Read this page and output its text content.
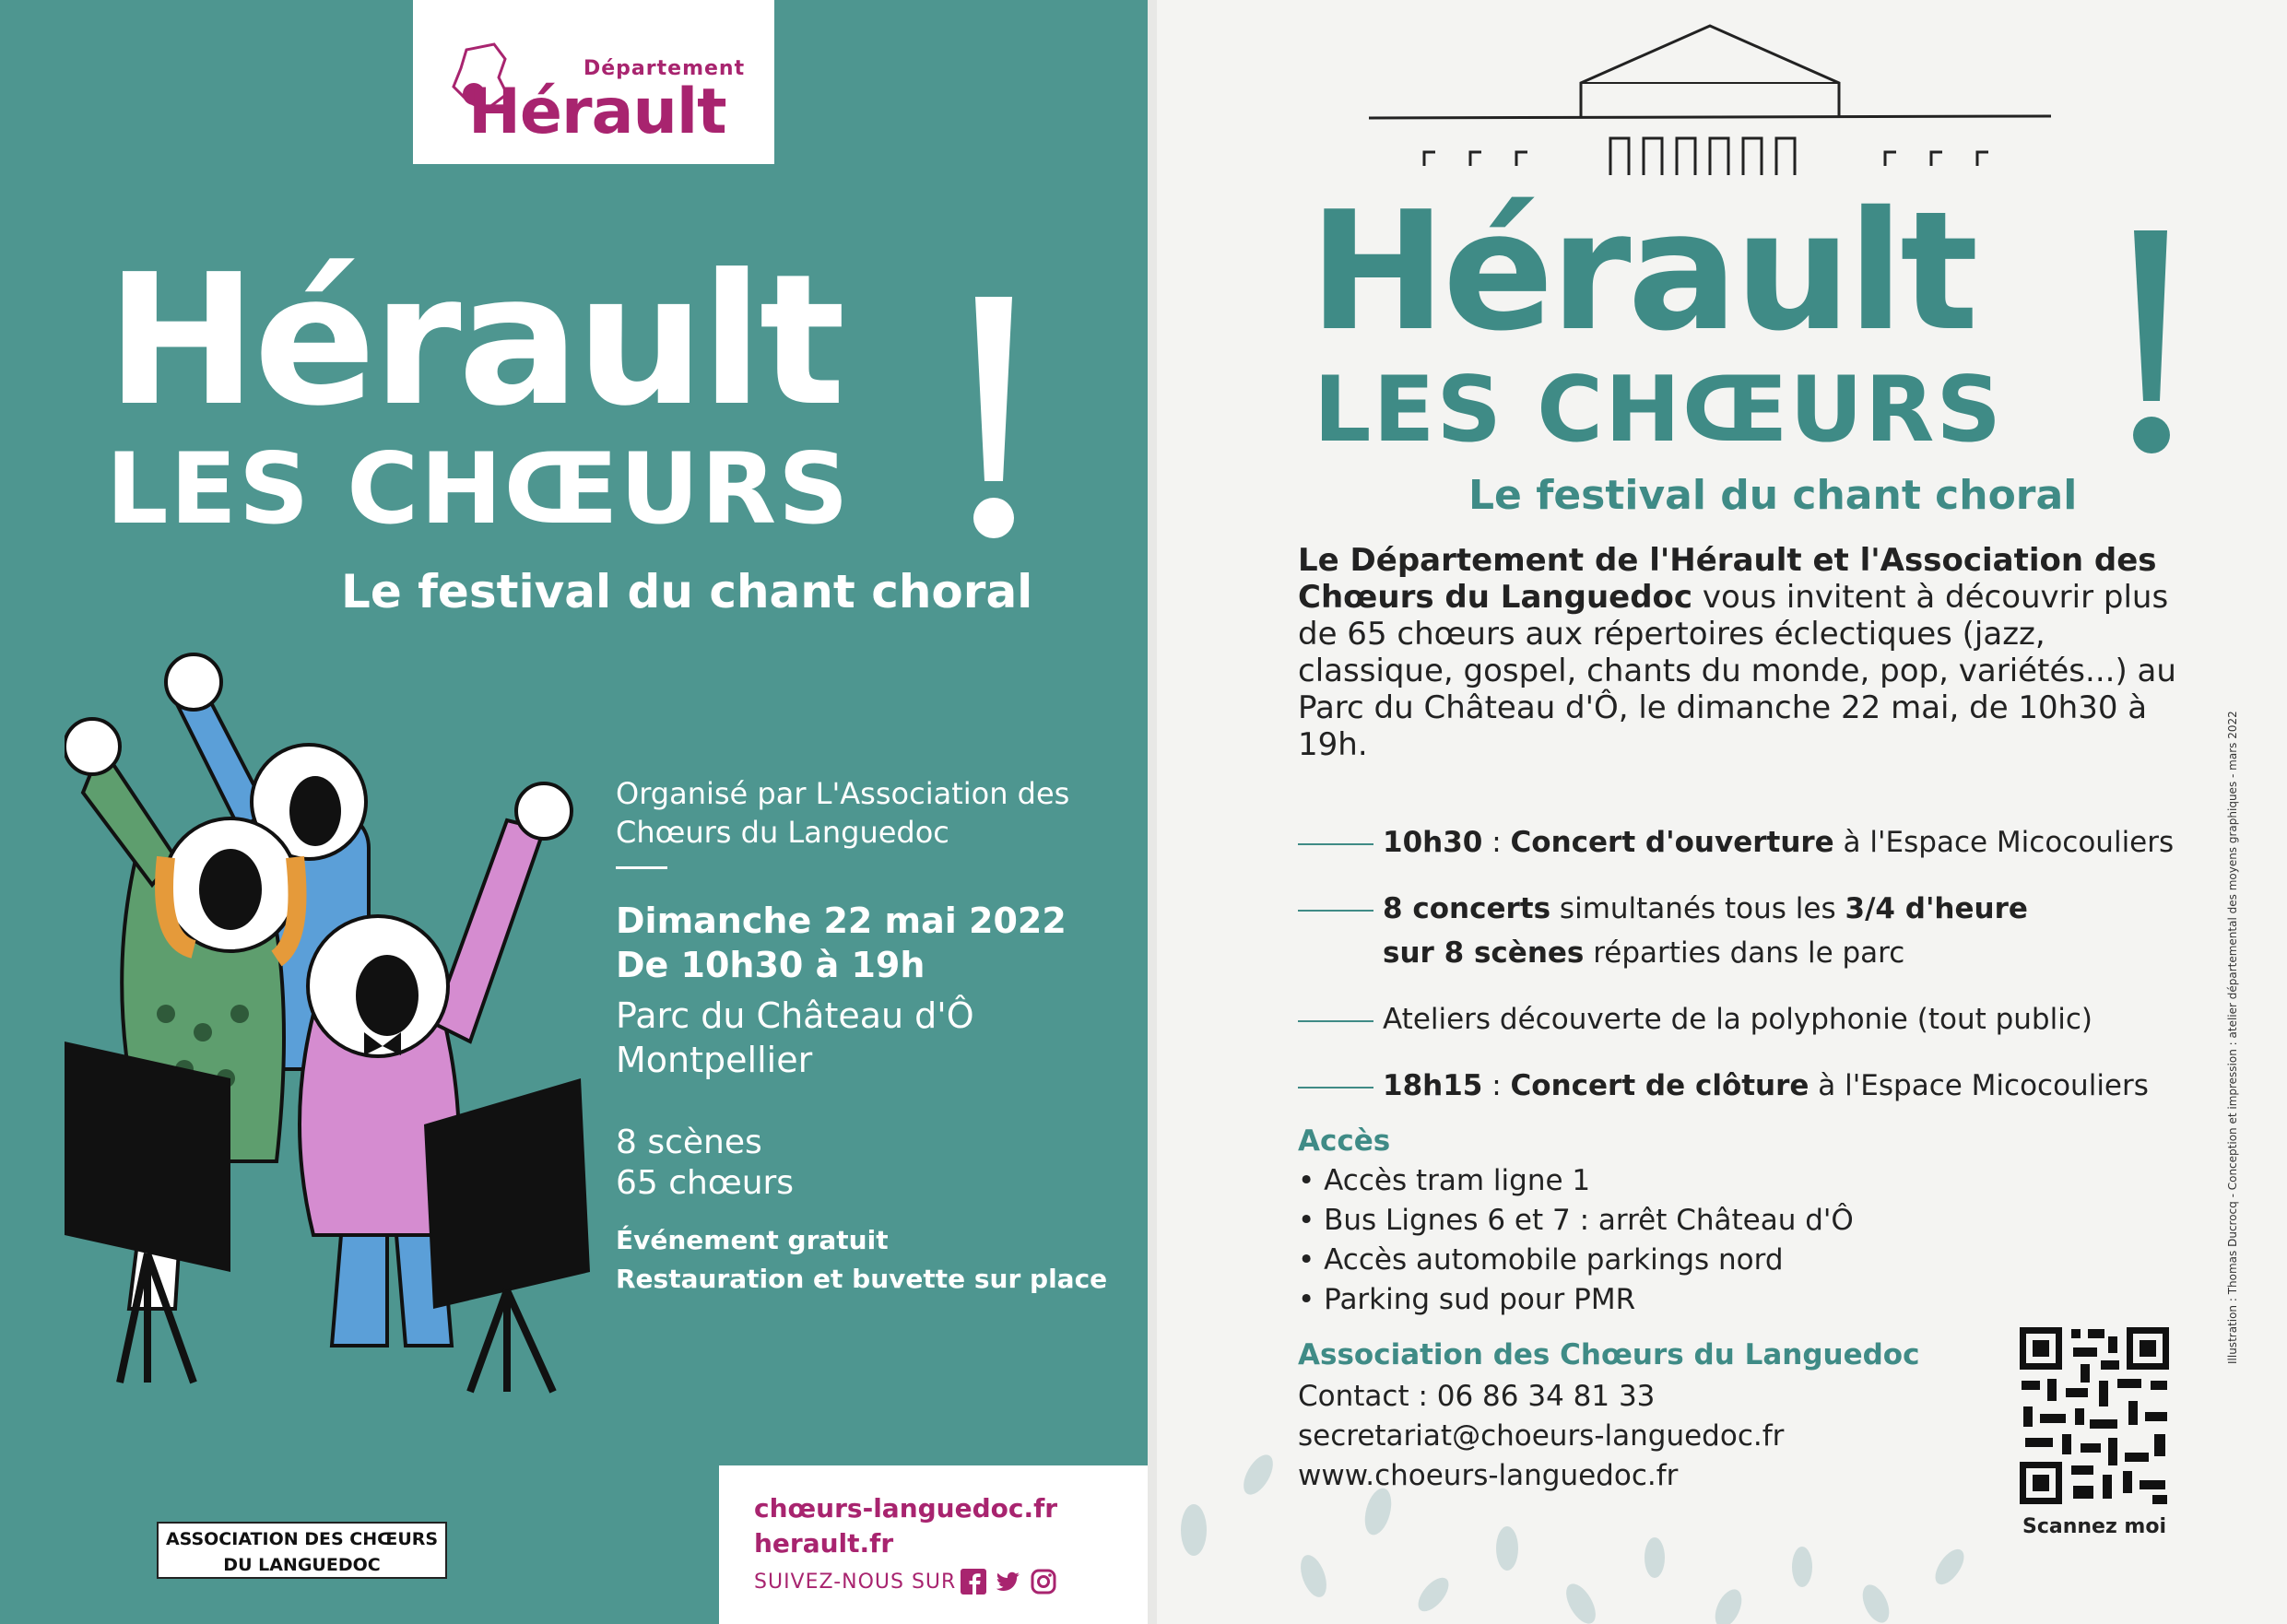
Département
Hérault
Hérault
LES CHŒURS
Le festival du chant choral
Organisé par L'Association des Chœurs du Languedoc
Dimanche 22 mai 2022
De 10h30 à 19h
Parc du Château d'Ô
Montpellier
8 scènes
65 chœurs
Événement gratuit
Restauration et buvette sur place
ASSOCIATION DES CHŒURS
DU LANGUEDOC
chœurs-languedoc.fr
herault.fr
SUIVEZ-NOUS SUR
Hérault
LES CHŒURS
Le festival du chant choral
Le Département de l'Hérault et l'Association des Chœurs du Languedoc vous invitent à découvrir plus de 65 chœurs aux répertoires éclectiques (jazz, classique, gospel, chants du monde, pop, variétés...) au Parc du Château d'Ô, le dimanche 22 mai, de 10h30 à 19h.
10h30 : Concert d'ouverture à l'Espace Micocouliers
8 concerts simultanés tous les 3/4 d'heure
sur 8 scènes réparties dans le parc
Ateliers découverte de la polyphonie (tout public)
18h15 : Concert de clôture à l'Espace Micocouliers
Accès
• Accès tram ligne 1
• Bus Lignes 6 et 7 : arrêt Château d'Ô
• Accès automobile parkings nord
• Parking sud pour PMR
Association des Chœurs du Languedoc
Contact : 06 86 34 81 33
secretariat@choeurs-languedoc.fr
www.choeurs-languedoc.fr
Scannez moi
Illustration : Thomas Ducrocq - Conception et impression : atelier départemental des moyens graphiques - mars 2022
